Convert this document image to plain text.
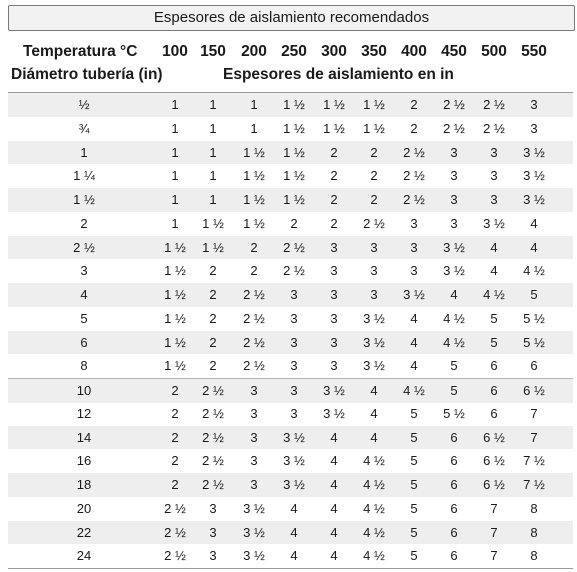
Espesores de aislamiento recomendados
Temperatura °C
Diámetro tubería (in)	Espesores de aislamiento en in
100 150 200 250 300 350 400 450 500 550
½	1	1	1	1 ½	1 ½	1 ½	2	2 ½	2 ½	3
¾	1	1	1	1 ½	1 ½	1 ½	2	2 ½	2 ½	3
1	1	1	1 ½	1 ½	2	2	2 ½	3	3	3 ½
1 ¼	1	1	1 ½	1 ½	2	2	2 ½	3	3	3 ½
1 ½	1	1	1 ½	1 ½	2	2	2 ½	3	3	3 ½
2	1	1 ½	1 ½	2	2	2 ½	3	3	3 ½	4
2 ½	1 ½	1 ½	2	2 ½	3	3	3	3 ½	4	4
3	1 ½	2	2	2 ½	3	3	3	3 ½	4	4 ½
4	1 ½	2	2 ½	3	3	3	3 ½	4	4 ½	5
5	1 ½	2	2 ½	3	3	3 ½	4	4 ½	5	5 ½
6	1 ½	2	2 ½	3	3	3 ½	4	4 ½	5	5 ½
8	1 ½	2	2 ½	3	3	3 ½	4	5	6	6
10	2	2 ½	3	3	3 ½	4	4 ½	5	6	6 ½
12	2	2 ½	3	3	3 ½	4	5	5 ½	6	7
14	2	2 ½	3	3 ½	4	4	5	6	6 ½	7
16	2	2 ½	3	3 ½	4	4 ½	5	6	6 ½	7 ½
18	2	2 ½	3	3 ½	4	4 ½	5	6	6 ½	7 ½
20	2 ½	3	3 ½	4	4	4 ½	5	6	7	8
22	2 ½	3	3 ½	4	4	4 ½	5	6	7	8
24	2 ½	3	3 ½	4	4	4 ½	5	6	7	8
